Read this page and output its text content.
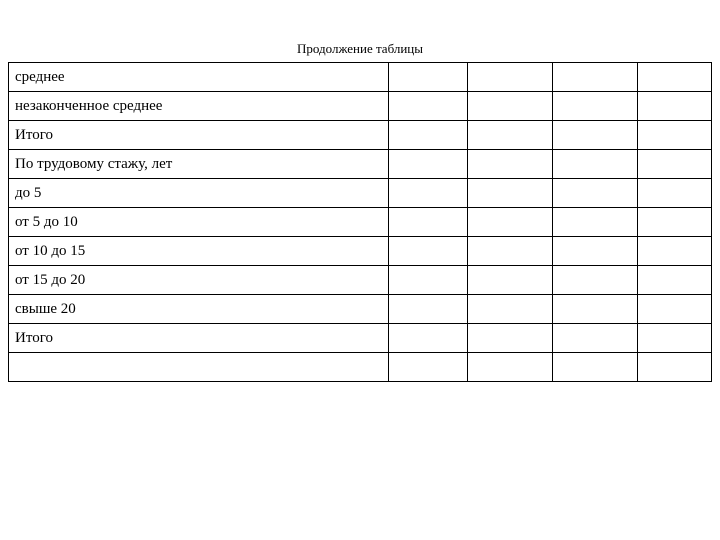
Продолжение таблицы
среднее				
незаконченное среднее				
Итого				
По трудовому стажу, лет				
до 5				
от 5 до 10				
от 10 до 15				
от 15 до 20				
свыше 20				
Итого				
